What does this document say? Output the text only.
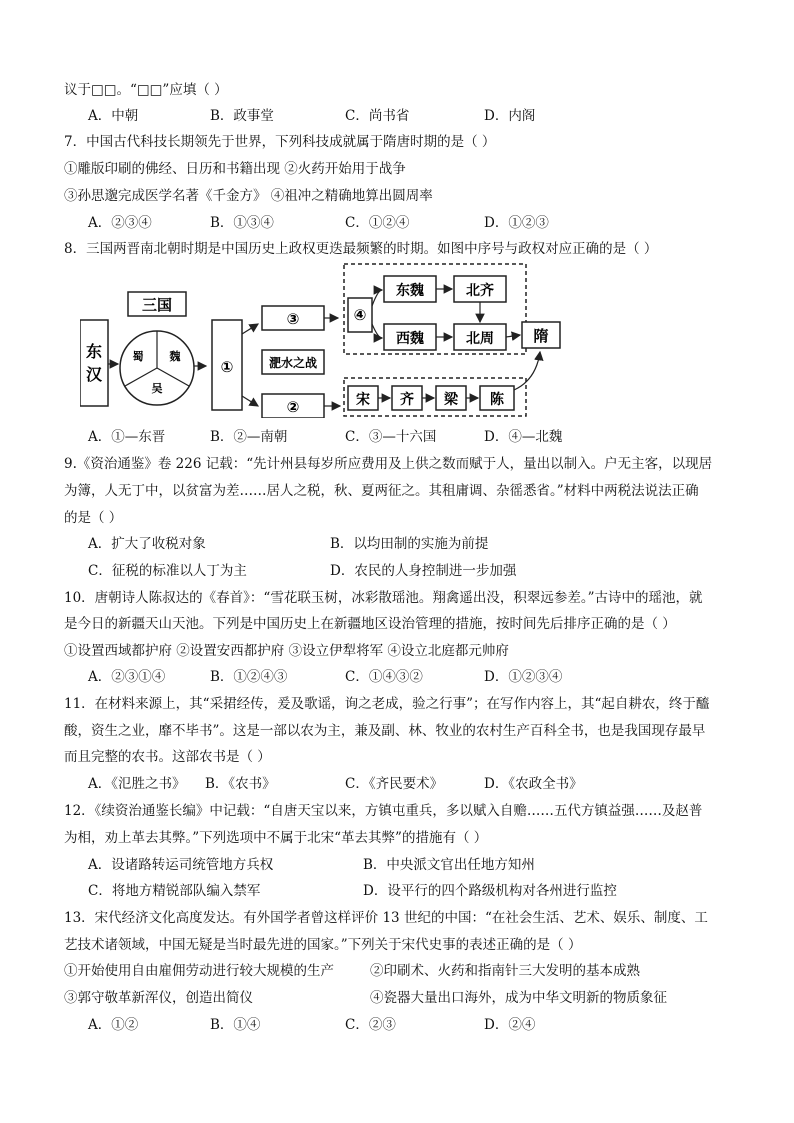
议于□□。“□□”应填（ ）
A．中朝	B．政事堂	C．尚书省	D．内阁
7．中国古代科技长期领先于世界，下列科技成就属于隋唐时期的是（ ）
①雕版印刷的佛经、日历和书籍出现 ②火药开始用于战争
③孙思邈完成医学名著《千金方》 ④祖冲之精确地算出圆周率
A．②③④	B．①③④	C．①②④	D．①②③
8．三国两晋南北朝时期是中国历史上政权更迭最频繁的时期。如图中序号与政权对应正确的是（ ）
东
汉
三国
蜀 魏
吴
①
③
淝水之战
②
④
东魏	北齐
西魏	北周	隋
宋 齐 梁 陈
A．①—东晋	B．②—南朝	C．③—十六国	D．④—北魏
9.《资治通鉴》卷 226 记载：“先计州县每岁所应费用及上供之数而赋于人，量出以制入。户无主客，以现居
为簿，人无丁中，以贫富为差……居人之税，秋、夏两征之。其租庸调、杂徭悉省。”材料中两税法说法正确
的是（ ）
A．扩大了收税对象	B．以均田制的实施为前提
C．征税的标准以人丁为主	D．农民的人身控制进一步加强
10．唐朝诗人陈叔达的《春首》：“雪花联玉树，冰彩散瑶池。翔禽遥出没，积翠远参差。”古诗中的瑶池，就
是今日的新疆天山天池。下列是中国历史上在新疆地区设治管理的措施，按时间先后排序正确的是（ ）
①设置西域都护府 ②设置安西都护府 ③设立伊犁将军 ④设立北庭都元帅府
A．②③①④	B．①②④③	C．①④③②	D．①②③④
11．在材料来源上，其“采捃经传，爰及歌谣，询之老成，验之行事”；在写作内容上，其“起自耕农，终于醯
酸，资生之业，靡不毕书”。这是一部以农为主，兼及副、林、牧业的农村生产百科全书，也是我国现存最早
而且完整的农书。这部农书是（ ）
A．《氾胜之书》 B．《农书》	C．《齐民要术》	D．《农政全书》
12．《续资治通鉴长编》中记载：“自唐天宝以来，方镇屯重兵，多以赋入自赡……五代方镇益强……及赵普
为相，劝上革去其弊。”下列选项中不属于北宋“革去其弊”的措施有（ ）
A．设诸路转运司统管地方兵权	B．中央派文官出任地方知州
C．将地方精锐部队编入禁军	D．设平行的四个路级机构对各州进行监控
13．宋代经济文化高度发达。有外国学者曾这样评价 13 世纪的中国：“在社会生活、艺术、娱乐、制度、工
艺技术诸领域，中国无疑是当时最先进的国家。”下列关于宋代史事的表述正确的是（ ）
①开始使用自由雇佣劳动进行较大规模的生产	②印刷术、火药和指南针三大发明的基本成熟
③郭守敬革新浑仪，创造出简仪	④瓷器大量出口海外，成为中华文明新的物质象征
A．①②	B．①④	C．②③	D．②④
